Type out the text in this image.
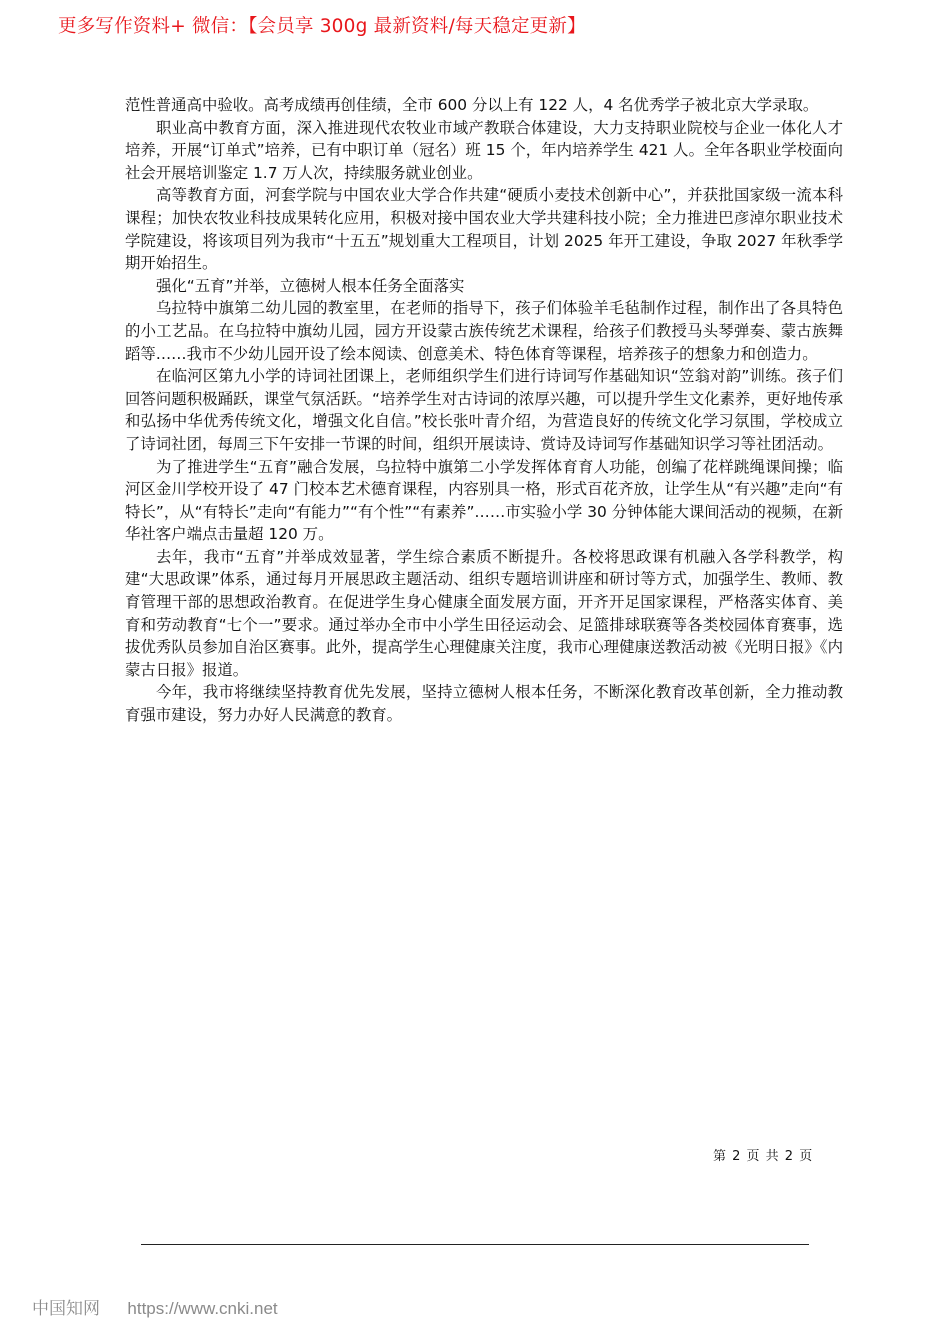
更多写作资料+ 微信：【会员享 300g 最新资料/每天稳定更新】

范性普通高中验收。高考成绩再创佳绩，全市 600 分以上有 122 人，4 名优秀学子被北京大学录取。

职业高中教育方面，深入推进现代农牧业市域产教联合体建设，大力支持职业院校与企业一体化人才培养，开展“订单式”培养，已有中职订单（冠名）班 15 个，年内培养学生 421 人。全年各职业学校面向社会开展培训鉴定 1.7 万人次，持续服务就业创业。

高等教育方面，河套学院与中国农业大学合作共建“硬质小麦技术创新中心”，并获批国家级一流本科课程；加快农牧业科技成果转化应用，积极对接中国农业大学共建科技小院；全力推进巴彦淖尔职业技术学院建设，将该项目列为我市“十五五”规划重大工程项目，计划 2025 年开工建设，争取 2027 年秋季学期开始招生。

强化“五育”并举，立德树人根本任务全面落实

乌拉特中旗第二幼儿园的教室里，在老师的指导下，孩子们体验羊毛毡制作过程，制作出了各具特色的小工艺品。在乌拉特中旗幼儿园，园方开设蒙古族传统艺术课程，给孩子们教授马头琴弹奏、蒙古族舞蹈等……我市不少幼儿园开设了绘本阅读、创意美术、特色体育等课程，培养孩子的想象力和创造力。

在临河区第九小学的诗词社团课上，老师组织学生们进行诗词写作基础知识“笠翁对韵”训练。孩子们回答问题积极踊跃，课堂气氛活跃。“培养学生对古诗词的浓厚兴趣，可以提升学生文化素养，更好地传承和弘扬中华优秀传统文化，增强文化自信。”校长张叶青介绍，为营造良好的传统文化学习氛围，学校成立了诗词社团，每周三下午安排一节课的时间，组织开展读诗、赏诗及诗词写作基础知识学习等社团活动。

为了推进学生“五育”融合发展，乌拉特中旗第二小学发挥体育育人功能，创编了花样跳绳课间操；临河区金川学校开设了 47 门校本艺术德育课程，内容别具一格，形式百花齐放，让学生从“有兴趣”走向“有特长”，从“有特长”走向“有能力”“有个性”“有素养”……市实验小学 30 分钟体能大课间活动的视频，在新华社客户端点击量超 120 万。

去年，我市“五育”并举成效显著，学生综合素质不断提升。各校将思政课有机融入各学科教学，构建“大思政课”体系，通过每月开展思政主题活动、组织专题培训讲座和研讨等方式，加强学生、教师、教育管理干部的思想政治教育。在促进学生身心健康全面发展方面，开齐开足国家课程，严格落实体育、美育和劳动教育“七个一”要求。通过举办全市中小学生田径运动会、足篮排球联赛等各类校园体育赛事，选拔优秀队员参加自治区赛事。此外，提高学生心理健康关注度，我市心理健康送教活动被《光明日报》《内蒙古日报》报道。

今年，我市将继续坚持教育优先发展，坚持立德树人根本任务，不断深化教育改革创新，全力推动教育强市建设，努力办好人民满意的教育。

第 2 页 共 2 页
中国知网 https://www.cnki.net
